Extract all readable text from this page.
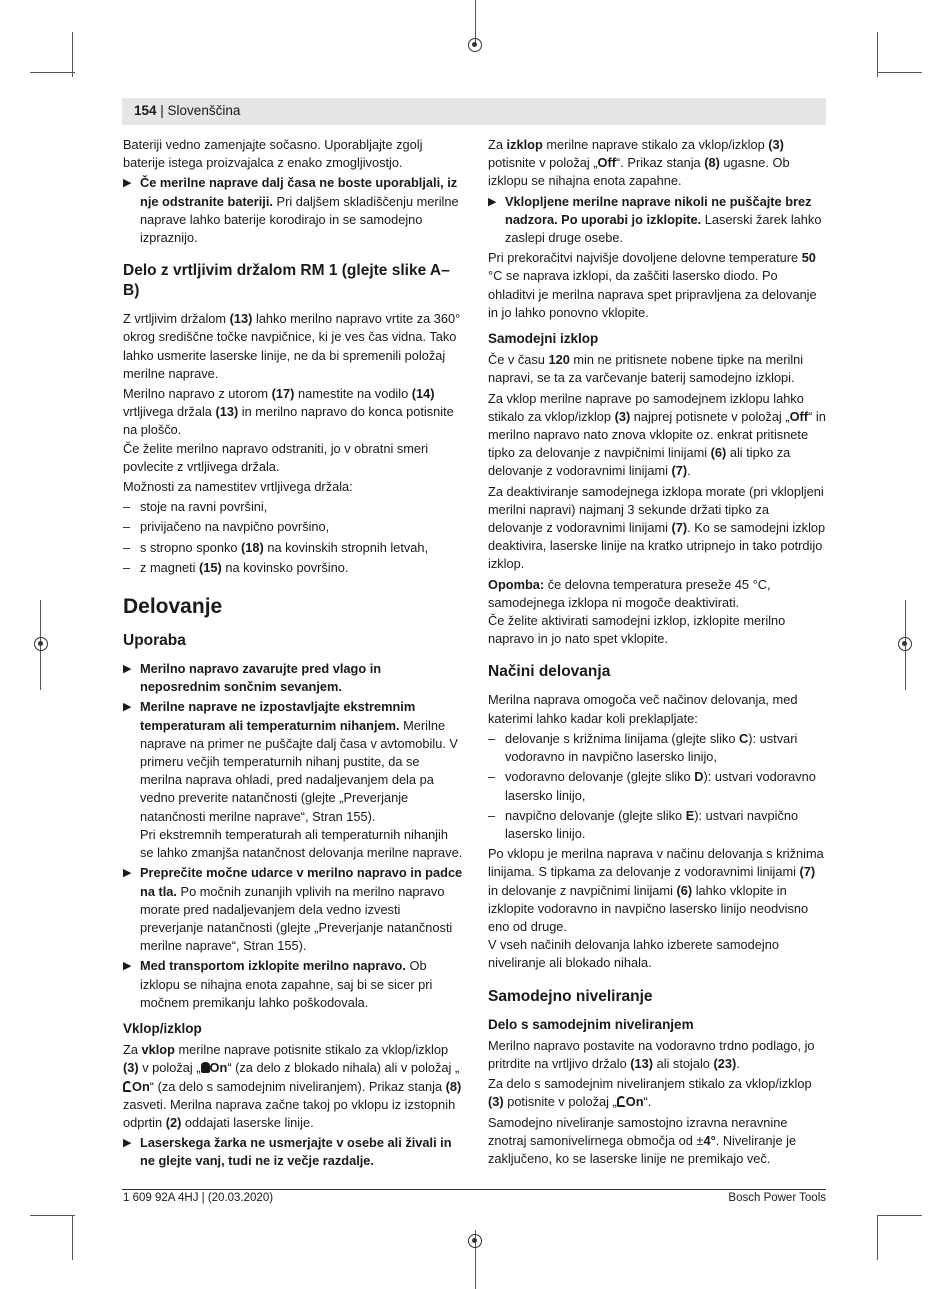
154 | Slovenščina

Bateriji vedno zamenjajte sočasno. Uporabljajte zgolj baterije istega proizvajalca z enako zmogljivostjo.

▶ Če merilne naprave dalj časa ne boste uporabljali, iz nje odstranite bateriji. Pri daljšem skladiščenju merilne naprave lahko baterije korodirajo in se samodejno izpraznijo.
Delo z vrtljivim držalom RM 1 (glejte slike A–B)

Z vrtljivim držalom (13) lahko merilno napravo vrtite za 360° okrog središčne točke navpičnice, ki je ves čas vidna. Tako lahko usmerite laserske linije, ne da bi spremenili položaj merilne naprave.

Merilno napravo z utorom (17) namestite na vodilo (14) vrtljivega držala (13) in merilno napravo do konca potisnite na ploščo.
Če želite merilno napravo odstraniti, jo v obratni smeri povlecite z vrtljivega držala.

Možnosti za namestitev vrtljivega držala:

– stoje na ravni površini,
– privijačeno na navpično površino,
– s stropno sponko (18) na kovinskih stropnih letvah,
– z magneti (15) na kovinsko površino.
Delovanje
Uporaba
▶ Merilno napravo zavarujte pred vlago in neposrednim sončnim sevanjem.
▶ Merilne naprave ne izpostavljajte ekstremnim temperaturam ali temperaturnim nihanjem. Merilne naprave na primer ne puščajte dalj časa v avtomobilu. V primeru večjih temperaturnih nihanj pustite, da se merilna naprava ohladi, pred nadaljevanjem dela pa vedno preverite natančnosti (glejte „Preverjanje natančnosti merilne naprave“, Stran 155).
Pri ekstremnih temperaturah ali temperaturnih nihanjih se lahko zmanjša natančnost delovanja merilne naprave.
▶ Preprečite močne udarce v merilno napravo in padce na tla. Po močnih zunanjih vplivih na merilno napravo morate pred nadaljevanjem dela vedno izvesti preverjanje natančnosti (glejte „Preverjanje natančnosti merilne naprave“, Stran 155).
▶ Med transportom izklopite merilno napravo. Ob izklopu se nihajna enota zapahne, saj bi se sicer pri močnem premikanju lahko poškodovala.
Vklop/izklop

Za vklop merilne naprave potisnite stikalo za vklop/izklop (3) v položaj „ On“ (za delo z blokado nihala) ali v položaj „On“ (za delo s samodejnim niveliranjem). Prikaz stanja (8) zasveti. Merilna naprava začne takoj po vklopu iz izstopnih odprtin (2) oddajati laserske linije.

▶ Laserskega žarka ne usmerjajte v osebe ali živali in ne glejte vanj, tudi ne iz večje razdalje.

Za izklop merilne naprave stikalo za vklop/izklop (3) potisnite v položaj „Off“. Prikaz stanja (8) ugasne. Ob izklopu se nihajna enota zapahne.

▶ Vklopljene merilne naprave nikoli ne puščajte brez nadzora. Po uporabi jo izklopite. Laserski žarek lahko zaslepi druge osebe.

Pri prekoračitvi najvišje dovoljene delovne temperature 50 °C se naprava izklopi, da zaščiti lasersko diodo. Po ohladitvi je merilna naprava spet pripravljena za delovanje in jo lahko ponovno vklopite.

Samodejni izklop

Če v času 120 min ne pritisnete nobene tipke na merilni napravi, se ta za varčevanje baterij samodejno izklopi.

Za vklop merilne naprave po samodejnem izklopu lahko stikalo za vklop/izklop (3) najprej potisnete v položaj „Off“ in merilno napravo nato znova vklopite oz. enkrat pritisnete tipko za delovanje z navpičnimi linijami (6) ali tipko za delovanje z vodoravnimi linijami (7).

Za deaktiviranje samodejnega izklopa morate (pri vklopljeni merilni napravi) najmanj 3 sekunde držati tipko za delovanje z vodoravnimi linijami (7). Ko se samodejni izklop deaktivira, laserske linije na kratko utripnejo in tako potrdijo izklop.

Opomba: če delovna temperatura preseže 45 °C, samodejnega izklopa ni mogoče deaktivirati.
Če želite aktivirati samodejni izklop, izklopite merilno napravo in jo nato spet vklopite.

Načini delovanja

Merilna naprava omogoča več načinov delovanja, med katerimi lahko kadar koli preklapljate:

– delovanje s križnima linijama (glejte sliko C): ustvari vodoravno in navpično lasersko linijo,
– vodoravno delovanje (glejte sliko D): ustvari vodoravno lasersko linijo,
– navpično delovanje (glejte sliko E): ustvari navpično lasersko linijo.

Po vklopu je merilna naprava v načinu delovanja s križnima linijama. S tipkama za delovanje z vodoravnimi linijami (7) in delovanje z navpičnimi linijami (6) lahko vklopite in izklopite vodoravno in navpično lasersko linijo neodvisno eno od druge.
V vseh načinih delovanja lahko izberete samodejno niveliranje ali blokado nihala.

Samodejno niveliranje
Delo s samodejnim niveliranjem

Merilno napravo postavite na vodoravno trdno podlago, jo pritrdite na vrtljivo držalo (13) ali stojalo (23).

Za delo s samodejnim niveliranjem stikalo za vklop/izklop (3) potisnite v položaj „ On“.

Samodejno niveliranje samostojno izravna neravnine znotraj samonivelirnega območja od ±4°. Niveliranje je zaključeno, ko se laserske linije ne premikajo več.

1 609 92A 4HJ | (20.03.2020)	Bosch Power Tools
